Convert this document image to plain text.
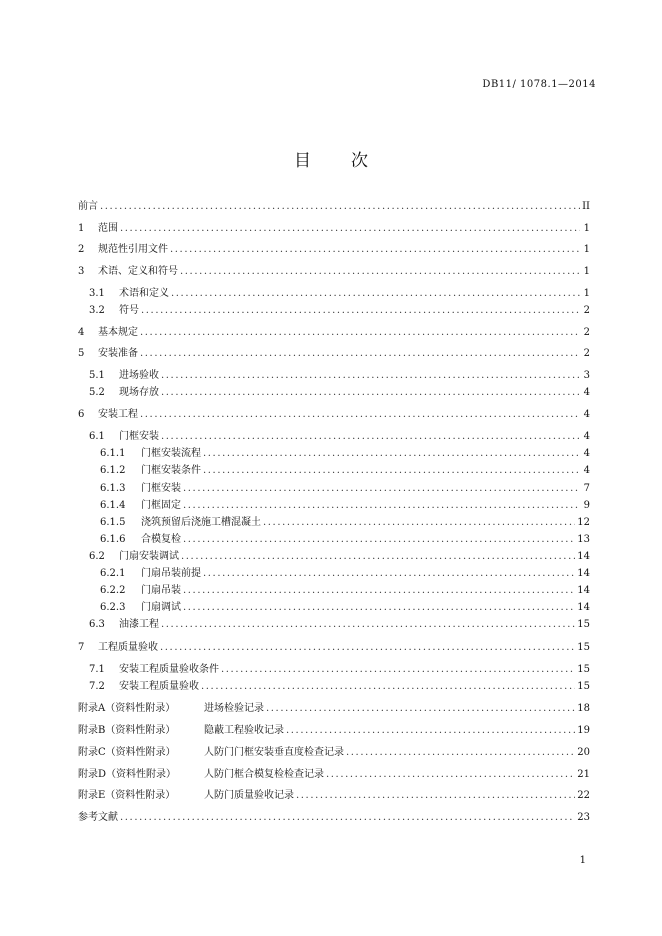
DB11/ 1078.1—2014
目 次
前言 .....	II
1	范围 .....	1
2	规范性引用文件 .....	1
3	术语、定义和符号 .....	1
3.1	术语和定义 .....	1
3.2	符号 .....	2
4	基本规定 .....	2
5	安装准备 .....	2
5.1	进场验收 .....	3
5.2	现场存放 .....	4
6	安装工程 .....	4
6.1	门框安装 .....	4
6.1.1	门框安装流程 .....	4
6.1.2	门框安装条件 .....	4
6.1.3	门框安装 .....	7
6.1.4	门框固定 .....	9
6.1.5	浇筑预留后浇施工槽混凝土 .....	12
6.1.6	合模复检 .....	13
6.2	门扇安装调试 .....	14
6.2.1	门扇吊装前提 .....	14
6.2.2	门扇吊装 .....	14
6.2.3	门扇调试 .....	14
6.3	油漆工程 .....	15
7	工程质量验收 .....	15
7.1	安装工程质量验收条件 .....	15
7.2	安装工程质量验收 .....	15
附录A（资料性附录）	进场检验记录 .....	18
附录B（资料性附录）	隐蔽工程验收记录 .....	19
附录C（资料性附录）	人防门门框安装垂直度检查记录 .....	20
附录D（资料性附录）	人防门框合模复检检查记录 .....	21
附录E（资料性附录）	人防门质量验收记录 .....	22
参考文献 .....	23
1
